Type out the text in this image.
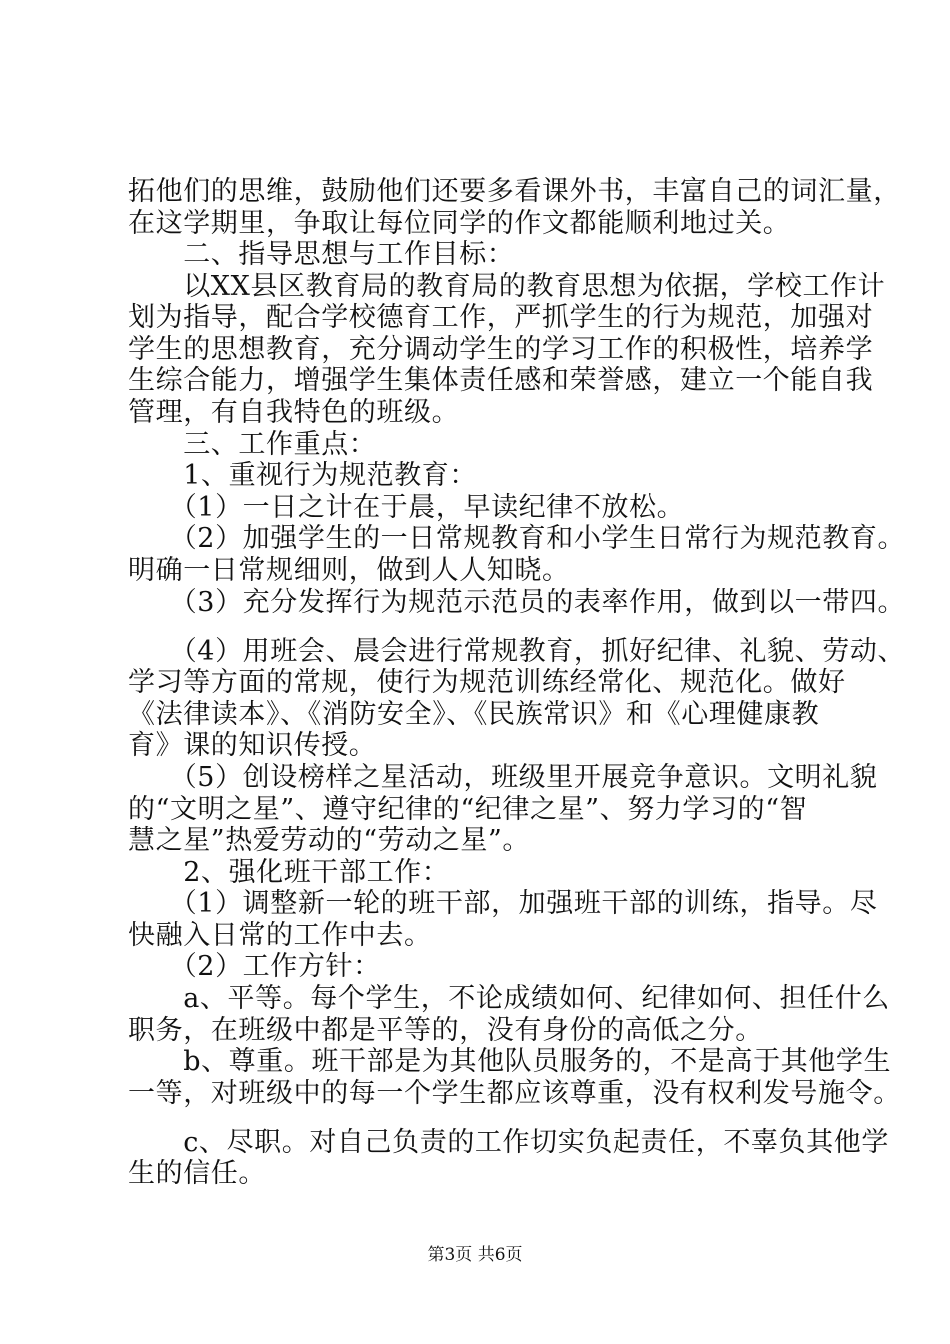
拓他们的思维，鼓励他们还要多看课外书，丰富自己的词汇量，
在这学期里，争取让每位同学的作文都能顺利地过关。
　　二、指导思想与工作目标：
　　以XX县区教育局的教育局的教育思想为依据，学校工作计
划为指导，配合学校德育工作，严抓学生的行为规范，加强对
学生的思想教育，充分调动学生的学习工作的积极性，培养学
生综合能力，增强学生集体责任感和荣誉感，建立一个能自我
管理，有自我特色的班级。
　　三、工作重点：
　　1、重视行为规范教育：
　　（1）一日之计在于晨，早读纪律不放松。
　　（2）加强学生的一日常规教育和小学生日常行为规范教育。
明确一日常规细则，做到人人知晓。
　　（3）充分发挥行为规范示范员的表率作用，做到以一带四。
　　（4）用班会、晨会进行常规教育，抓好纪律、礼貌、劳动、
学习等方面的常规，使行为规范训练经常化、规范化。做好
《法律读本》、《消防安全》、《民族常识》和《心理健康教
育》课的知识传授。
　　（5）创设榜样之星活动，班级里开展竞争意识。文明礼貌
的“文明之星”、遵守纪律的“纪律之星”、努力学习的“智
慧之星”热爱劳动的“劳动之星”。
　　2、强化班干部工作：
　　（1）调整新一轮的班干部，加强班干部的训练，指导。尽
快融入日常的工作中去。
　　（2）工作方针：
　　a、平等。每个学生，不论成绩如何、纪律如何、担任什么
职务，在班级中都是平等的，没有身份的高低之分。
　　b、尊重。班干部是为其他队员服务的，不是高于其他学生
一等，对班级中的每一个学生都应该尊重，没有权利发号施令。
　　c、尽职。对自己负责的工作切实负起责任，不辜负其他学
生的信任。
第3页 共6页
